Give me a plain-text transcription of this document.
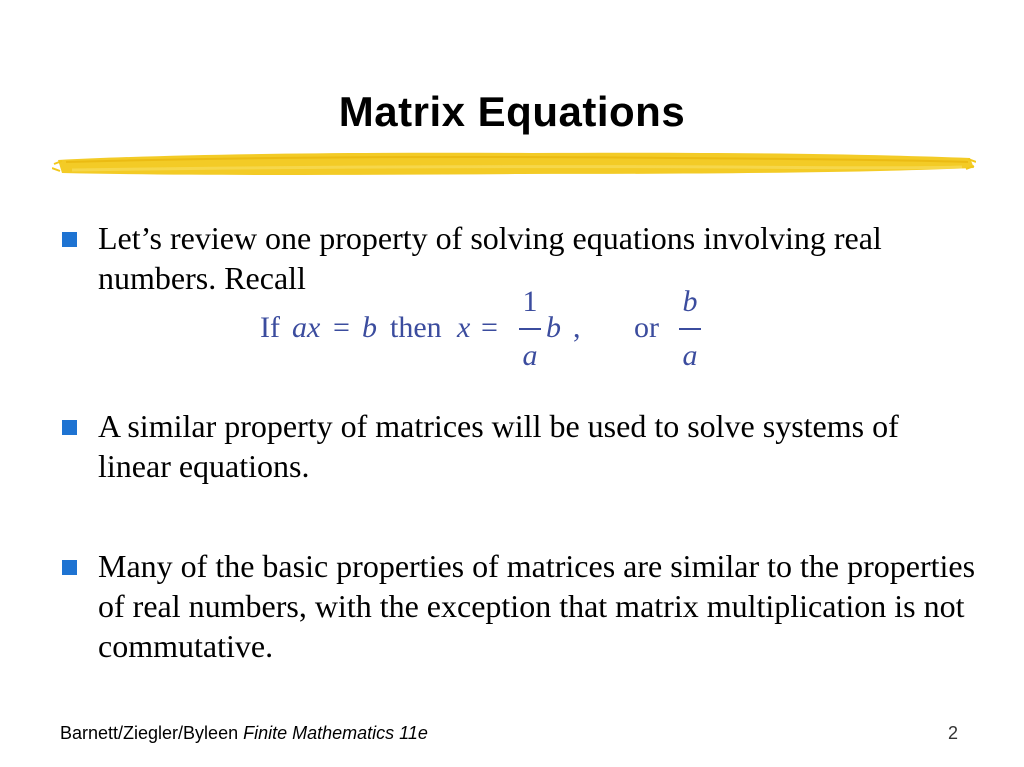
Matrix Equations
Let’s review one property of solving equations involving real numbers. Recall
If ax = b then x =
1
a
b , or
b
a
A similar property of matrices will be used to solve systems of linear equations.
Many of the basic properties of matrices are similar to the properties of real numbers, with the exception that matrix multiplication is not commutative.
Barnett/Ziegler/Byleen Finite Mathematics 11e	2
